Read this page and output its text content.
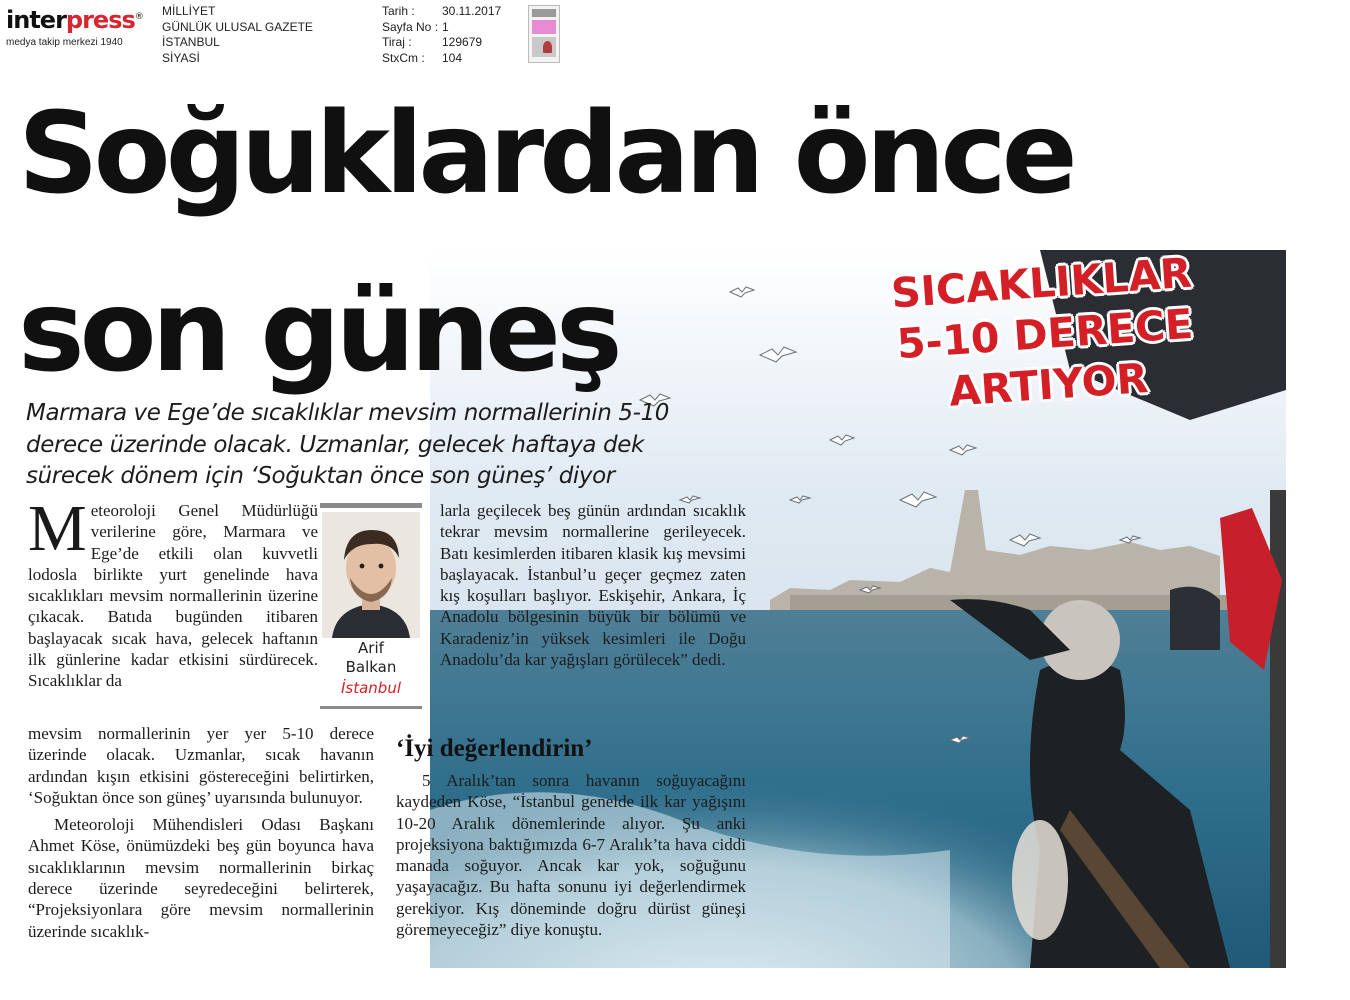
interpress®
medya takip merkezi 1940
MİLLİYET
GÜNLÜK ULUSAL GAZETE
İSTANBUL
SİYASİ
Tarih :	30.11.2017
Sayfa No : 1
Tiraj :	129679
StxCm :	104
Soğuklardan önce
son güneş	SICAKLIKLAR
5-10 DERECE
ARTIYOR
Marmara ve Ege’de sıcaklıklar mevsim normallerinin 5-10
derece üzerinde olacak. Uzmanlar, gelecek haftaya dek
sürecek dönem için ‘Soğuktan önce son güneş’ diyor
Arif
Balkan
İstanbul
Meteoroloji Genel Müdürlüğü verilerine göre, Marmara ve Ege’de etkili olan kuvvetli lodosla birlikte yurt genelinde hava sıcaklıkları mevsim normallerinin üzerine çıkacak. Batıda bugünden itibaren başlayacak sıcak hava, gelecek haftanın ilk günlerine kadar etkisini sürdürecek. Sıcaklıklar da

mevsim normallerinin yer yer 5-10 derece üzerinde olacak. Uzmanlar, sıcak havanın ardından kışın etkisini göstereceğini belirtirken, ‘Soğuktan önce son güneş’ uyarısında bulunuyor.

Meteoroloji Mühendisleri Odası Başkanı Ahmet Köse, önümüzdeki beş gün boyunca hava sıcaklıklarının mevsim normallerinin birkaç derece üzerinde seyredeceğini belirterek, “Projeksiyonlara göre mevsim normallerinin üzerinde sıcaklık-

larla geçilecek beş günün ardından sıcaklık tekrar mevsim normallerine gerileyecek. Batı kesimlerden itibaren klasik kış mevsimi başlayacak. İstanbul’u geçer geçmez zaten kış koşulları başlıyor. Eskişehir, Ankara, İç Anadolu bölgesinin büyük bir bölümü ve Karadeniz’in yüksek kesimleri ile Doğu Anadolu’da kar yağışları görülecek” dedi.

‘İyi değerlendirin’

5 Aralık’tan sonra havanın soğuyacağını kaydeden Köse, “İstanbul genelde ilk kar yağışını 10-20 Aralık dönemlerinde alıyor. Şu anki projeksiyona baktığımızda 6-7 Aralık’ta hava ciddi manada soğuyor. Ancak kar yok, soğuğunu yaşayacağız. Bu hafta sonunu iyi değerlendirmek gerekiyor. Kış döneminde doğru dürüst güneşi göremeyeceğiz” diye konuştu.
